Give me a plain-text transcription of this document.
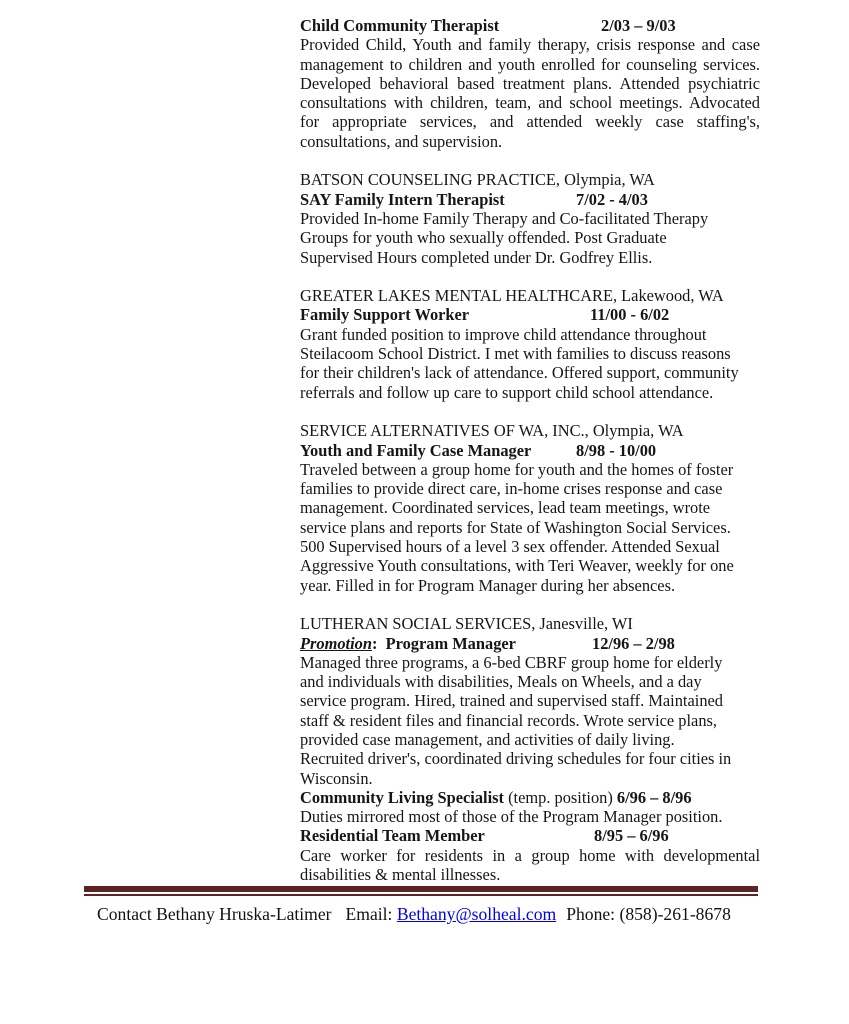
Child Community Therapist	2/03 – 9/03

Provided Child, Youth and family therapy, crisis response and case management to children and youth enrolled for counseling services. Developed behavioral based treatment plans. Attended psychiatric consultations with children, team, and school meetings. Advocated for appropriate services, and attended weekly case staffing's, consultations, and supervision.

BATSON COUNSELING PRACTICE, Olympia, WA
SAY Family Intern Therapist	7/02 - 4/03

Provided In-home Family Therapy and Co-facilitated Therapy
Groups for youth who sexually offended. Post Graduate
Supervised Hours completed under Dr. Godfrey Ellis.

GREATER LAKES MENTAL HEALTHCARE, Lakewood, WA
Family Support Worker	11/00 - 6/02

Grant funded position to improve child attendance throughout
Steilacoom School District. I met with families to discuss reasons
for their children's lack of attendance. Offered support, community
referrals and follow up care to support child school attendance.

SERVICE ALTERNATIVES OF WA, INC., Olympia, WA
Youth and Family Case Manager	8/98 - 10/00

Traveled between a group home for youth and the homes of foster
families to provide direct care, in-home crises response and case
management. Coordinated services, lead team meetings, wrote
service plans and reports for State of Washington Social Services.
500 Supervised hours of a level 3 sex offender. Attended Sexual
Aggressive Youth consultations, with Teri Weaver, weekly for one
year. Filled in for Program Manager during her absences.

LUTHERAN SOCIAL SERVICES, Janesville, WI
Promotion:  Program Manager	12/96 – 2/98

Managed three programs, a 6-bed CBRF group home for elderly
and individuals with disabilities, Meals on Wheels, and a day
service program. Hired, trained and supervised staff. Maintained
staff & resident files and financial records. Wrote service plans,
provided case management, and activities of daily living.
Recruited driver's, coordinated driving schedules for four cities in
Wisconsin.

Community Living Specialist (temp. position) 6/96 – 8/96

Duties mirrored most of those of the Program Manager position.

Residential Team Member	8/95 – 6/96

Care worker for residents in a group home with developmental disabilities & mental illnesses.

Contact Bethany Hruska-Latimer Email: Bethany@solheal.com Phone: (858)-261-8678
